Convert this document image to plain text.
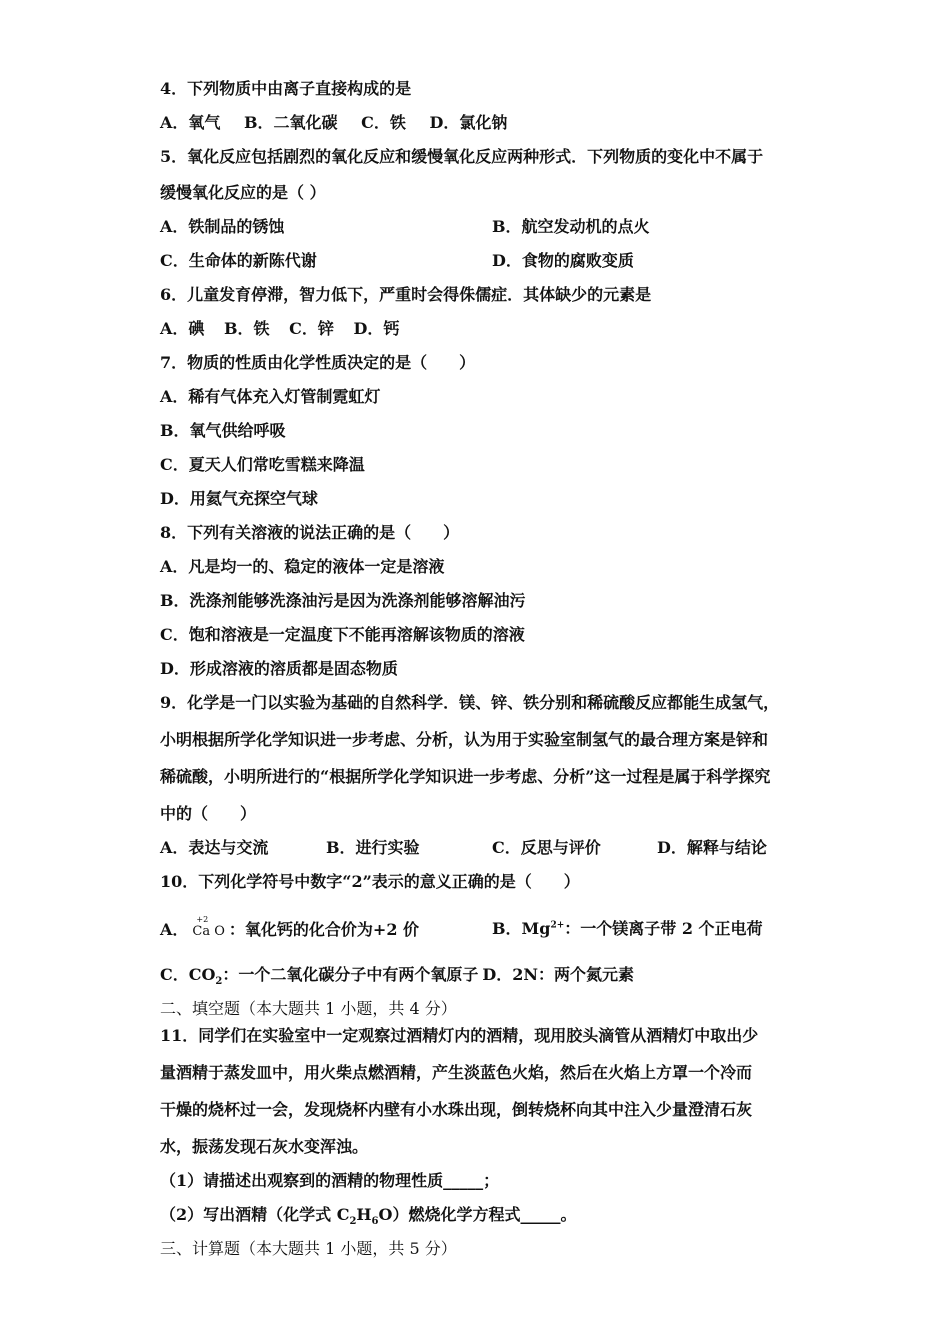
4．下列物质中由离子直接构成的是
A．氧气 B．二氧化碳 C．铁 D．氯化钠
5．氧化反应包括剧烈的氧化反应和缓慢氧化反应两种形式．下列物质的变化中不属于
缓慢氧化反应的是（ ）
A．铁制品的锈蚀	B．航空发动机的点火
C．生命体的新陈代谢	D．食物的腐败变质
6．儿童发育停滞，智力低下，严重时会得侏儒症．其体缺少的元素是
A．碘 B．铁 C．锌 D．钙
7．物质的性质由化学性质决定的是（　　）
A．稀有气体充入灯管制霓虹灯
B．氧气供给呼吸
C．夏天人们常吃雪糕来降温
D．用氦气充探空气球
8．下列有关溶液的说法正确的是（　　）
A．凡是均一的、稳定的液体一定是溶液
B．洗涤剂能够洗涤油污是因为洗涤剂能够溶解油污
C．饱和溶液是一定温度下不能再溶解该物质的溶液
D．形成溶液的溶质都是固态物质
9．化学是一门以实验为基础的自然科学．镁、锌、铁分别和稀硫酸反应都能生成氢气，
小明根据所学化学知识进一步考虑、分析，认为用于实验室制氢气的最合理方案是锌和
稀硫酸，小明所进行的“根据所学化学知识进一步考虑、分析”这一过程是属于科学探究
中的（　　）
A．表达与交流	B．进行实验	C．反思与评价	D．解释与结论
10．下列化学符号中数字“2”表示的意义正确的是（　　）
A．
+2
Ca O ：氧化钙的化合价为+2 价	B．$Mg^{2+}$：一个镁离子带 2 个正电荷
C．$CO_2$：一个二氧化碳分子中有两个氧原子 D．2N：两个氮元素
二、填空题（本大题共 1 小题，共 4 分）
11．同学们在实验室中一定观察过酒精灯内的酒精，现用胶头滴管从酒精灯中取出少
量酒精于蒸发皿中，用火柴点燃酒精，产生淡蓝色火焰，然后在火焰上方罩一个冷而
干燥的烧杯过一会，发现烧杯内壁有小水珠出现，倒转烧杯向其中注入少量澄清石灰
水，振荡发现石灰水变浑浊。
（1）请描述出观察到的酒精的物理性质_____；
（2）写出酒精（化学式 $C_2H_6O$）燃烧化学方程式_____。
三、计算题（本大题共 1 小题，共 5 分）
